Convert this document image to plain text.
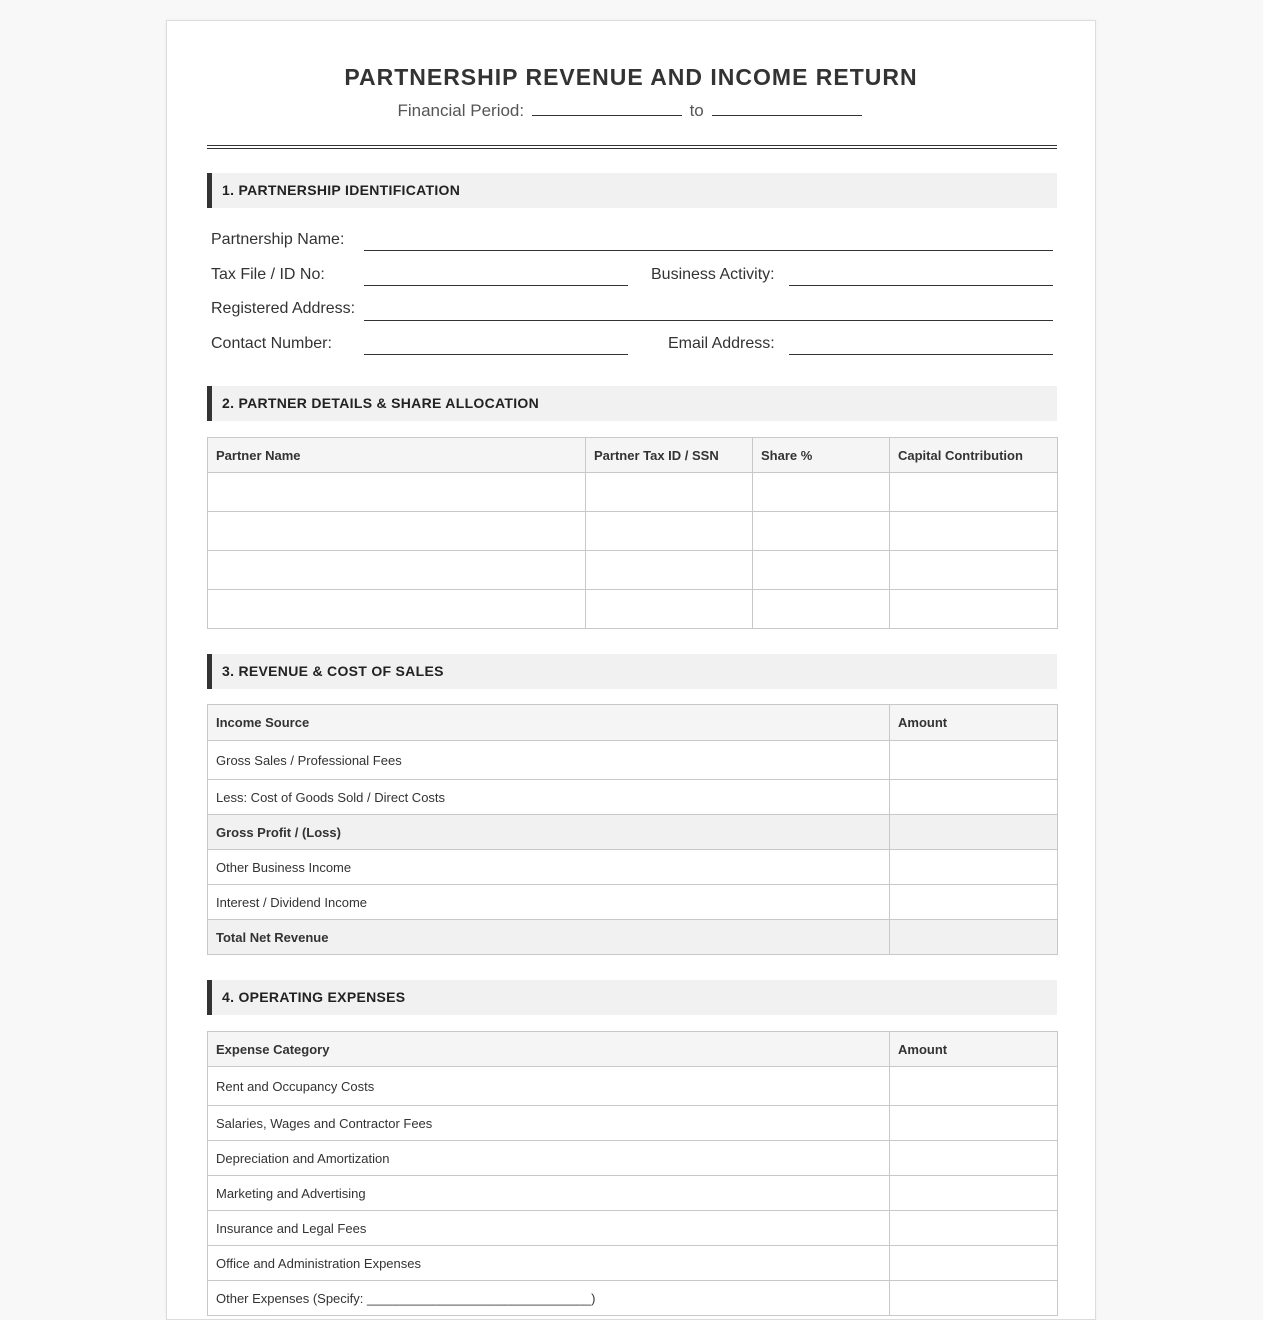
PARTNERSHIP REVENUE AND INCOME RETURN
Financial Period:	to
1. PARTNERSHIP IDENTIFICATION
Partnership Name:
Tax File / ID No:	Business Activity:
Registered Address:
Contact Number:	Email Address:
2. PARTNER DETAILS & SHARE ALLOCATION
Partner Name	Partner Tax ID / SSN	Share %	Capital Contribution

3. REVENUE & COST OF SALES
Income Source	Amount
Gross Sales / Professional Fees	
Less: Cost of Goods Sold / Direct Costs	
Gross Profit / (Loss)	
Other Business Income	
Interest / Dividend Income	
Total Net Revenue	
4. OPERATING EXPENSES
Expense Category	Amount
Rent and Occupancy Costs	
Salaries, Wages and Contractor Fees	
Depreciation and Amortization	
Marketing and Advertising	
Insurance and Legal Fees	
Office and Administration Expenses	
Other Expenses (Specify: _______________________________)	
